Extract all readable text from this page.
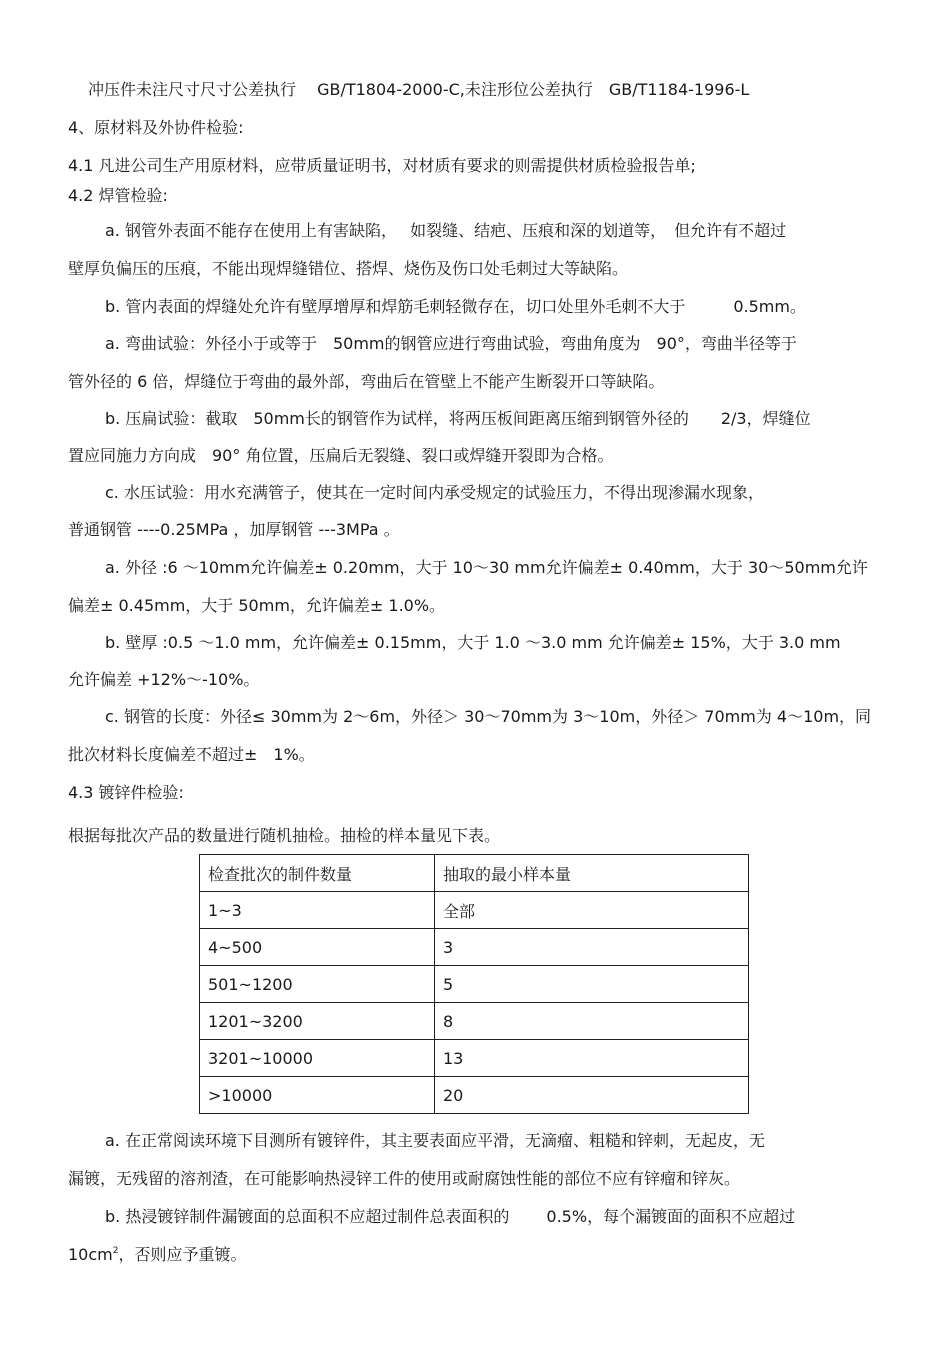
冲压件未注尺寸尺寸公差执行　 GB/T1804-2000-C,未注形位公差执行　GB/T1184-1996-L
4、原材料及外协件检验:
4.1 凡进公司生产用原材料，应带质量证明书，对材质有要求的则需提供材质检验报告单;
4.2 焊管检验:
a. 钢管外表面不能存在使用上有害缺陷，　 如裂缝、结疤、压痕和深的划道等，　但允许有不超过
壁厚负偏压的压痕，不能出现焊缝错位、搭焊、烧伤及伤口处毛刺过大等缺陷。
b. 管内表面的焊缝处允许有壁厚增厚和焊筋毛刺轻微存在，切口处里外毛刺不大于　　　0.5mm。
a. 弯曲试验：外径小于或等于　50mm的钢管应进行弯曲试验，弯曲角度为　90°，弯曲半径等于
管外径的 6 倍，焊缝位于弯曲的最外部，弯曲后在管壁上不能产生断裂开口等缺陷。
b. 压扁试验：截取　50mm长的钢管作为试样，将两压板间距离压缩到钢管外径的　　2/3，焊缝位
置应同施力方向成　90° 角位置，压扁后无裂缝、裂口或焊缝开裂即为合格。
c. 水压试验：用水充满管子，使其在一定时间内承受规定的试验压力，不得出现渗漏水现象，
普通钢管 ----0.25MPa ，加厚钢管 ---3MPa 。
a. 外径 :6 ～10mm允许偏差± 0.20mm，大于 10～30 mm允许偏差± 0.40mm，大于 30～50mm允许
偏差± 0.45mm，大于 50mm，允许偏差± 1.0%。
b. 壁厚 :0.5 ～1.0 mm，允许偏差± 0.15mm，大于 1.0 ～3.0 mm 允许偏差± 15%，大于 3.0 mm
允许偏差 +12%～-10%。
c. 钢管的长度：外径≤ 30mm为 2～6m，外径＞ 30～70mm为 3～10m，外径＞ 70mm为 4～10m，同
批次材料长度偏差不超过±　1%。
4.3 镀锌件检验:
根据每批次产品的数量进行随机抽检。抽检的样本量见下表。
检查批次的制件数量	抽取的最小样本量
1~3	全部
4~500	3
501~1200	5
1201~3200	8
3201~10000	13
>10000	20
a. 在正常阅读环境下目测所有镀锌件，其主要表面应平滑，无滴瘤、粗糙和锌刺，无起皮，无
漏镀，无残留的溶剂渣，在可能影响热浸锌工件的使用或耐腐蚀性能的部位不应有锌瘤和锌灰。
b. 热浸镀锌制件漏镀面的总面积不应超过制件总表面积的　　 0.5%，每个漏镀面的面积不应超过
$10cm^2$，否则应予重镀。
